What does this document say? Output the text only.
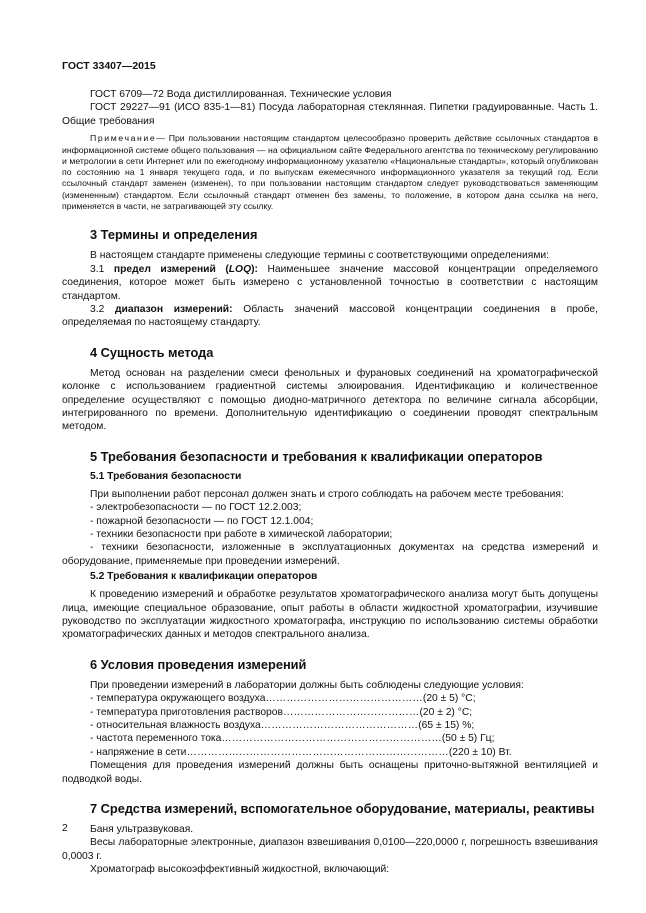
ГОСТ 33407—2015

ГОСТ 6709—72 Вода дистиллированная. Технические условия

ГОСТ 29227—91 (ИСО 835-1—81) Посуда лабораторная стеклянная. Пипетки градуированные. Часть 1. Общие требования

Примечание— При пользовании настоящим стандартом целесообразно проверить действие ссылочных стандартов в информационной системе общего пользования — на официальном сайте Федерального агентства по техническому регулированию и метрологии в сети Интернет или по ежегодному информационному указателю «Национальные стандарты», который опубликован по состоянию на 1 января текущего года, и по выпускам ежемесячного информационного указателя за текущий год. Если ссылочный стандарт заменен (изменен), то при пользовании настоящим стандартом следует руководствоваться заменяющим (измененным) стандартом. Если ссылочный стандарт отменен без замены, то положение, в котором дана ссылка на него, применяется в части, не затрагивающей эту ссылку.

3 Термины и определения

В настоящем стандарте применены следующие термины с соответствующими определениями:

3.1 предел измерений (LOQ): Наименьшее значение массовой концентрации определяемого соединения, которое может быть измерено с установленной точностью в соответствии с настоящим стандартом.

3.2 диапазон измерений: Область значений массовой концентрации соединения в пробе, определяемая по настоящему стандарту.

4 Сущность метода

Метод основан на разделении смеси фенольных и фурановых соединений на хроматографической колонке с использованием градиентной системы элюирования. Идентификацию и количественное определение осуществляют с помощью диодно-матричного детектора по величине сигнала абсорбции, интегрированного по времени. Дополнительную идентификацию о соединении проводят спектральным методом.

5 Требования безопасности и требования к квалификации операторов
5.1 Требования безопасности

При выполнении работ персонал должен знать и строго соблюдать на рабочем месте требования:

- электробезопасности — по ГОСТ 12.2.003;

- пожарной безопасности — по ГОСТ 12.1.004;

- техники безопасности при работе в химической лаборатории;

- техники безопасности, изложенные в эксплуатационных документах на средства измерений и оборудование, применяемые при проведении измерений.

5.2 Требования к квалификации операторов

К проведению измерений и обработке результатов хроматографического анализа могут быть допущены лица, имеющие специальное образование, опыт работы в области жидкостной хроматографии, изучившие руководство по эксплуатации жидкостного хроматографа, инструкцию по использованию системы обработки хроматографических данных и методов спектрального анализа.

6 Условия проведения измерений

При проведении измерений в лаборатории должны быть соблюдены следующие условия:

- температура окружающего воздуха ……………………………………… (20 ± 5) °С;
- температура приготовления растворов ………………………………… (20 ± 2) °С;
- относительная влажность воздуха ……………………………………… (65 ± 15) %;
- частота переменного тока ……………………………………………………… (50 ± 5) Гц;
- напряжение в сети ………………………………………………………………… (220 ± 10) Вт.

Помещения для проведения измерений должны быть оснащены приточно-вытяжной вентиляцией и подводкой воды.

7 Средства измерений, вспомогательное оборудование, материалы, реактивы

Баня ультразвуковая.

Весы лабораторные электронные, диапазон взвешивания 0,0100—220,0000 г, погрешность взвешивания 0,0003 г.

Хроматограф высокоэффективный жидкостной, включающий:

2
